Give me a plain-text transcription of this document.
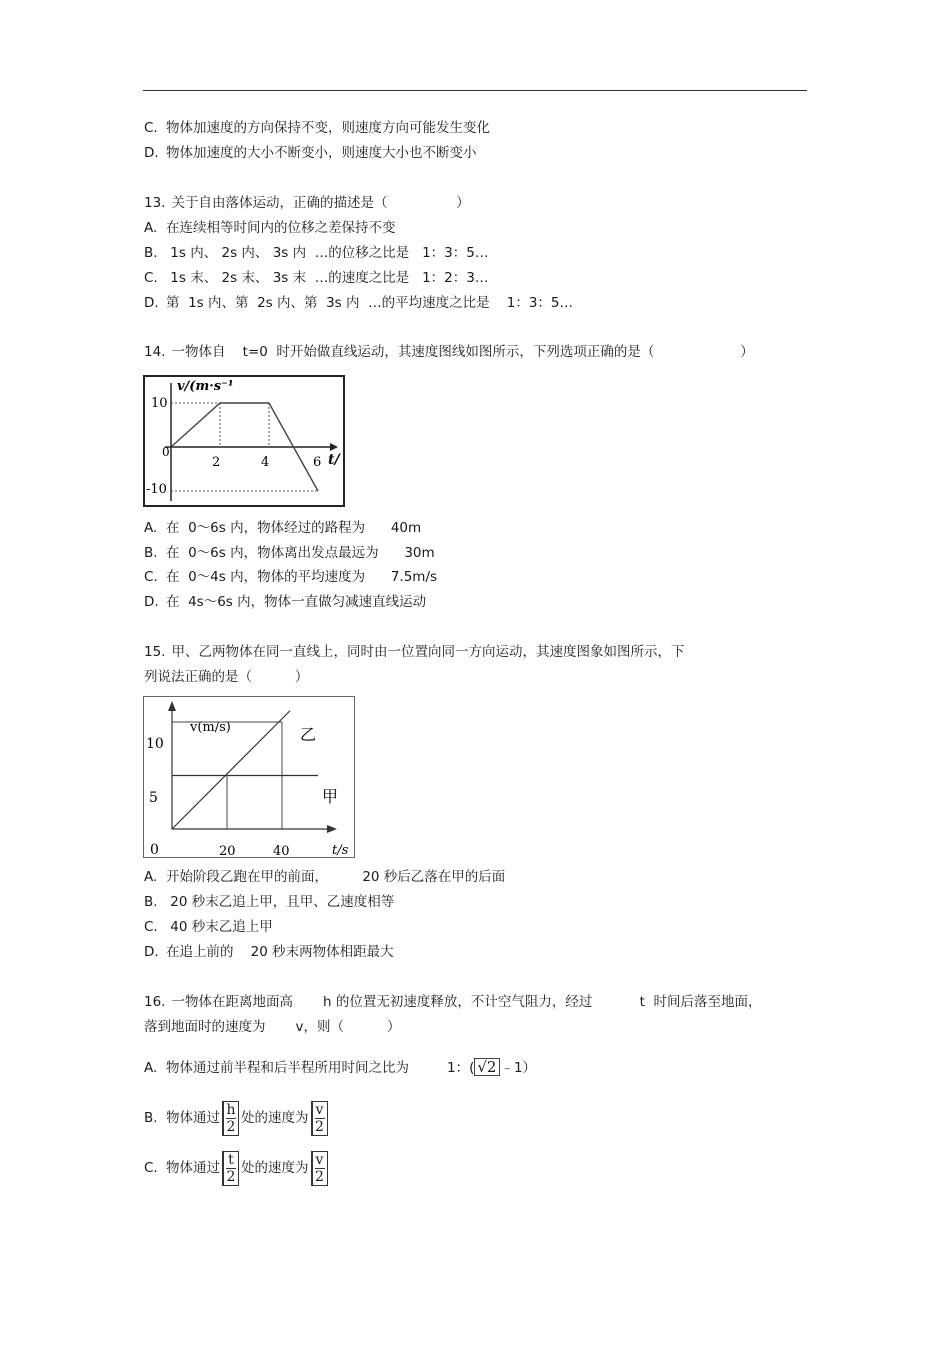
C. 物体加速度的方向保持不变，则速度方向可能发生变化
D. 物体加速度的大小不断变小，则速度大小也不断变小
13. 关于自由落体运动，正确的描述是（                ）
A. 在连续相等时间内的位移之差保持不变
B. 1s 内、 2s 内、 3s 内  …的位移之比是   1：3：5…
C. 1s 末、 2s 末、 3s 末  …的速度之比是   1：2：3…
D. 第  1s 内、第  2s 内、第  3s 内  …的平均速度之比是    1：3：5…
14. 一物体自    t=0  时开始做直线运动，其速度图线如图所示，下列选项正确的是（                    ）
v/(m·s⁻¹
t/
10
0
-10
2	4	6
A. 在  0～6s 内，物体经过的路程为      40m
B. 在  0～6s 内，物体离出发点最远为      30m
C. 在  0～4s 内，物体的平均速度为      7.5m/s
D. 在  4s～6s 内，物体一直做匀减速直线运动
15. 甲、乙两物体在同一直线上，同时由一位置向同一方向运动，其速度图象如图所示，下
列说法正确的是（          ）
v(m/s)
t/s
乙
甲
10
5
0	20	40
A. 开始阶段乙跑在甲的前面，        20 秒后乙落在甲的后面
B. 20 秒末乙追上甲，且甲、乙速度相等
C. 40 秒末乙追上甲
D. 在追上前的    20 秒末两物体相距最大
16. 一物体在距离地面高       h 的位置无初速度释放，不计空气阻力，经过           t  时间后落至地面，
落到地面时的速度为       v，则（          ）
A. 物体通过前半程和后半程所用时间之比为	1：( √2 ﹣1）
B. 物体通过 $\frac{h}{2}$ 处的速度为 $\frac{v}{2}$
C. 物体通过 $\frac{t}{2}$ 处的速度为 $\frac{v}{2}$
